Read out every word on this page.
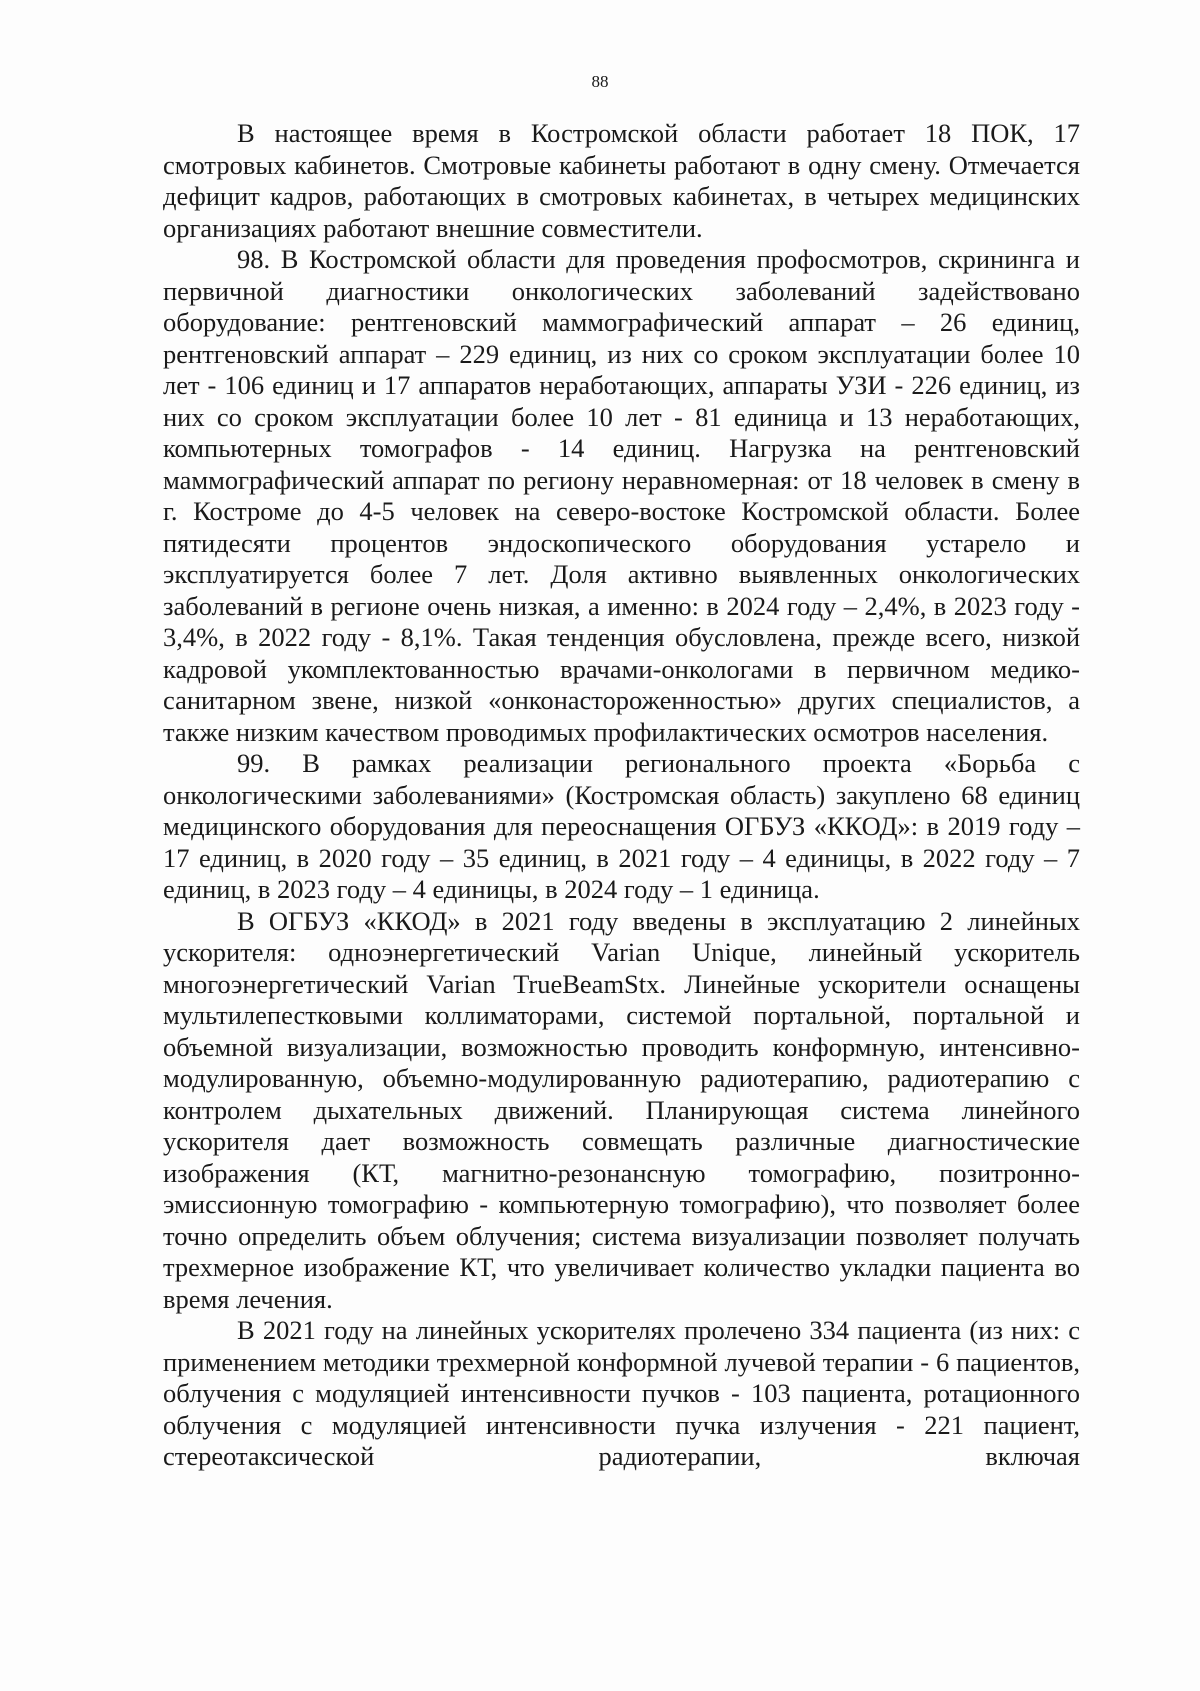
88

В настоящее время в Костромской области работает 18 ПОК, 17 смотровых кабинетов. Смотровые кабинеты работают в одну смену. Отмечается дефицит кадров, работающих в смотровых кабинетах, в четырех медицинских организациях работают внешние совместители.

98. В Костромской области для проведения профосмотров, скрининга и первичной диагностики онкологических заболеваний задействовано оборудование: рентгеновский маммографический аппарат – 26 единиц, рентгеновский аппарат – 229 единиц, из них со сроком эксплуатации более 10 лет - 106 единиц и 17 аппаратов неработающих, аппараты УЗИ - 226 единиц, из них со сроком эксплуатации более 10 лет - 81 единица и 13 неработающих, компьютерных томографов - 14 единиц. Нагрузка на рентгеновский маммографический аппарат по региону неравномерная: от 18 человек в смену в г. Костроме до 4-5 человек на северо-востоке Костромской области. Более пятидесяти процентов эндоскопического оборудования устарело и эксплуатируется более 7 лет. Доля активно выявленных онкологических заболеваний в регионе очень низкая, а именно: в 2024 году – 2,4%, в 2023 году - 3,4%, в 2022 году - 8,1%. Такая тенденция обусловлена, прежде всего, низкой кадровой укомплектованностью врачами-онкологами в первичном медико-санитарном звене, низкой «онконастороженностью» других специалистов, а также низким качеством проводимых профилактических осмотров населения.

99. В рамках реализации регионального проекта «Борьба с онкологическими заболеваниями» (Костромская область) закуплено 68 единиц медицинского оборудования для переоснащения ОГБУЗ «ККОД»: в 2019 году – 17 единиц, в 2020 году – 35 единиц, в 2021 году – 4 единицы, в 2022 году – 7 единиц, в 2023 году – 4 единицы, в 2024 году – 1 единица.

В ОГБУЗ «ККОД» в 2021 году введены в эксплуатацию 2 линейных ускорителя: одноэнергетический Varian Unique, линейный ускоритель многоэнергетический Varian TrueBeamStx. Линейные ускорители оснащены мультилепестковыми коллиматорами, системой портальной, портальной и объемной визуализации, возможностью проводить конформную, интенсивно-модулированную, объемно-модулированную радиотерапию, радиотерапию с контролем дыхательных движений. Планирующая система линейного ускорителя дает возможность совмещать различные диагностические изображения (КТ, магнитно-резонансную томографию, позитронно-эмиссионную томографию - компьютерную томографию), что позволяет более точно определить объем облучения; система визуализации позволяет получать трехмерное изображение КТ, что увеличивает количество укладки пациента во время лечения.

В 2021 году на линейных ускорителях пролечено 334 пациента (из них: с применением методики трехмерной конформной лучевой терапии - 6 пациентов, облучения с модуляцией интенсивности пучков - 103 пациента, ротационного облучения с модуляцией интенсивности пучка излучения - 221 пациент, стереотаксической радиотерапии, включая
